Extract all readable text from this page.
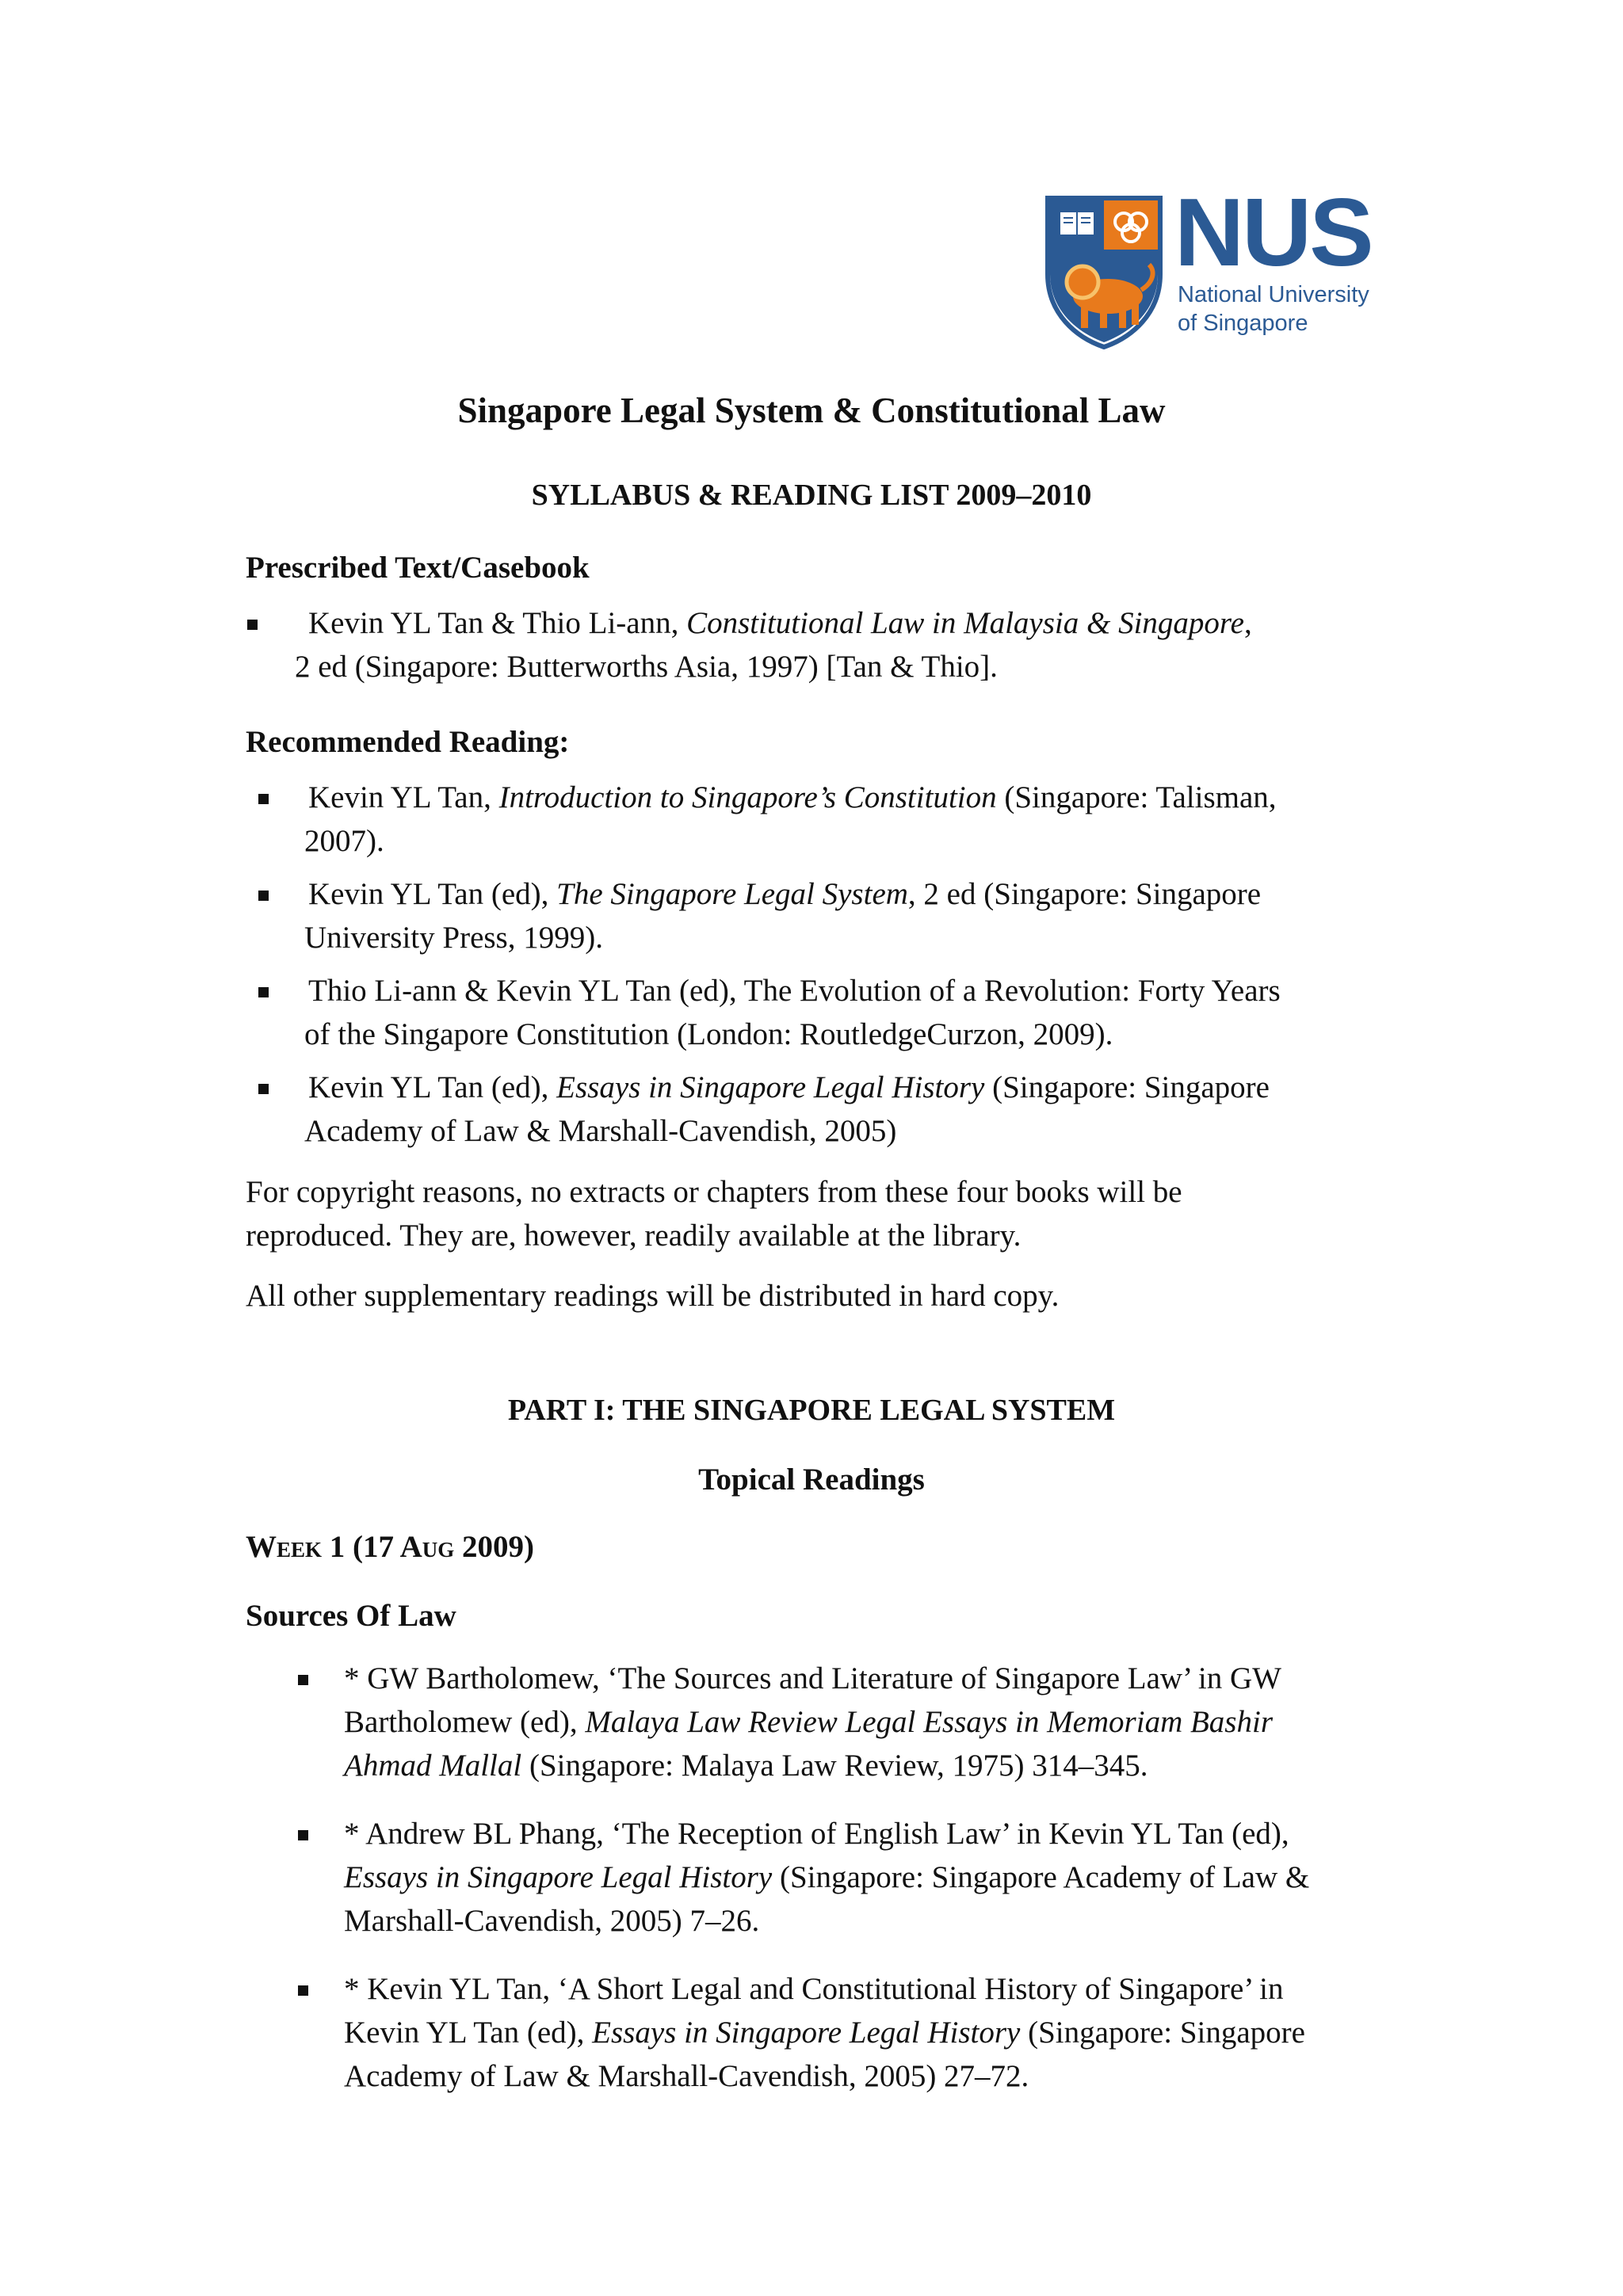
NUS
National University
of Singapore
Singapore Legal System & Constitutional Law
SYLLABUS & READING LIST 2009–2010
Prescribed Text/Casebook
Kevin YL Tan & Thio Li-ann, Constitutional Law in Malaysia & Singapore,
2 ed (Singapore: Butterworths Asia, 1997) [Tan & Thio].
Recommended Reading:
Kevin YL Tan, Introduction to Singapore’s Constitution (Singapore: Talisman,
2007).
Kevin YL Tan (ed), The Singapore Legal System, 2 ed (Singapore: Singapore
University Press, 1999).
Thio Li-ann & Kevin YL Tan (ed), The Evolution of a Revolution: Forty Years
of the Singapore Constitution (London: RoutledgeCurzon, 2009).
Kevin YL Tan (ed), Essays in Singapore Legal History (Singapore: Singapore
Academy of Law & Marshall-Cavendish, 2005)
For copyright reasons, no extracts or chapters from these four books will be
reproduced. They are, however, readily available at the library.
All other supplementary readings will be distributed in hard copy.
PART I: THE SINGAPORE LEGAL SYSTEM
Topical Readings
Week 1 (17 Aug 2009)
Sources Of Law
* GW Bartholomew, ‘The Sources and Literature of Singapore Law’ in GW
Bartholomew (ed), Malaya Law Review Legal Essays in Memoriam Bashir
Ahmad Mallal (Singapore: Malaya Law Review, 1975) 314–345.
* Andrew BL Phang, ‘The Reception of English Law’ in Kevin YL Tan (ed),
Essays in Singapore Legal History (Singapore: Singapore Academy of Law &
Marshall-Cavendish, 2005) 7–26.
* Kevin YL Tan, ‘A Short Legal and Constitutional History of Singapore’ in
Kevin YL Tan (ed), Essays in Singapore Legal History (Singapore: Singapore
Academy of Law & Marshall-Cavendish, 2005) 27–72.
